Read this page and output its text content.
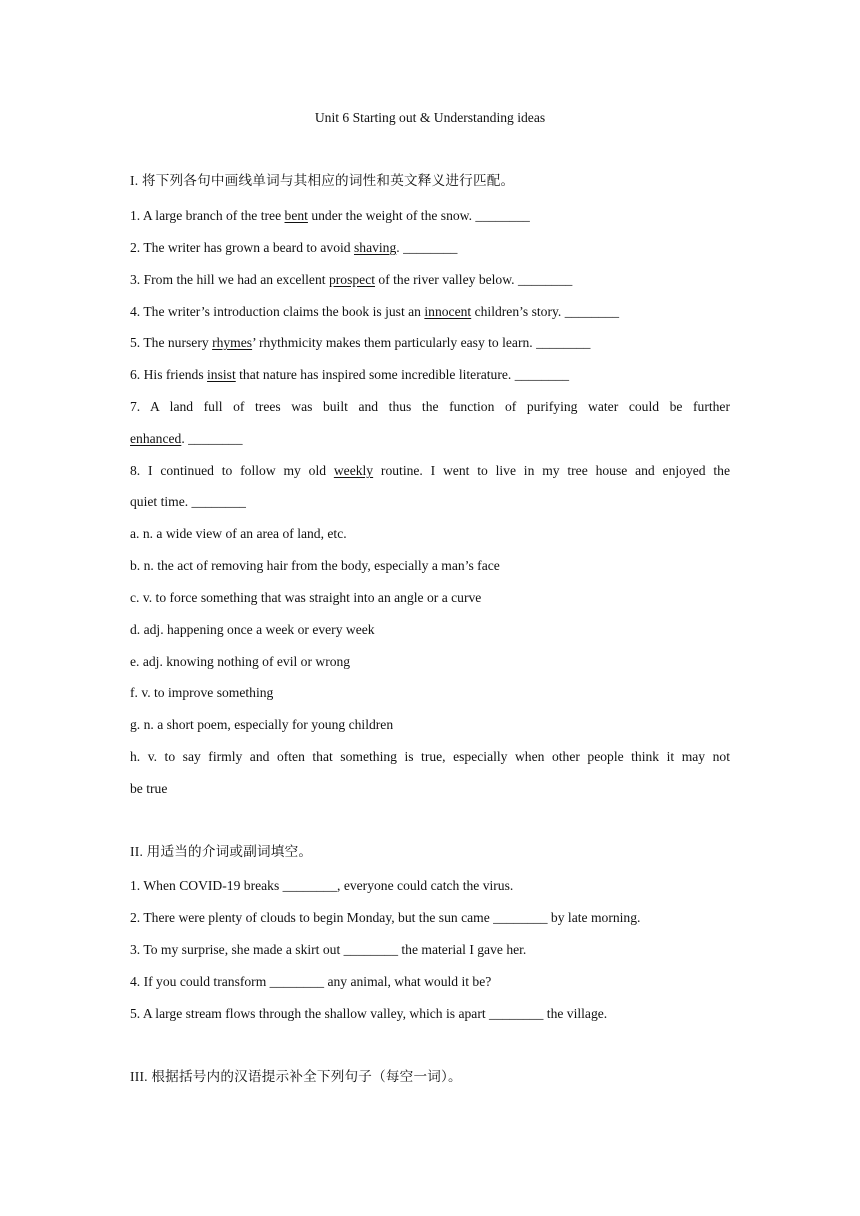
Unit 6 Starting out & Understanding ideas
I. 将下列各句中画线单词与其相应的词性和英文释义进行匹配。
1. A large branch of the tree bent under the weight of the snow. ________
2. The writer has grown a beard to avoid shaving. ________
3. From the hill we had an excellent prospect of the river valley below. ________
4. The writer’s introduction claims the book is just an innocent children’s story. ________
5. The nursery rhymes’ rhythmicity makes them particularly easy to learn. ________
6. His friends insist that nature has inspired some incredible literature. ________
7. A land full of trees was built and thus the function of purifying water could be further
enhanced. ________
8. I continued to follow my old weekly routine. I went to live in my tree house and enjoyed the
quiet time. ________
a. n. a wide view of an area of land, etc.
b. n. the act of removing hair from the body, especially a man’s face
c. v. to force something that was straight into an angle or a curve
d. adj. happening once a week or every week
e. adj. knowing nothing of evil or wrong
f. v. to improve something
g. n. a short poem, especially for young children
h. v. to say firmly and often that something is true, especially when other people think it may not
be true
II. 用适当的介词或副词填空。
1. When COVID-19 breaks ________, everyone could catch the virus.
2. There were plenty of clouds to begin Monday, but the sun came ________ by late morning.
3. To my surprise, she made a skirt out ________ the material I gave her.
4. If you could transform ________ any animal, what would it be?
5. A large stream flows through the shallow valley, which is apart ________ the village.
III. 根据括号内的汉语提示补全下列句子（每空一词）。
